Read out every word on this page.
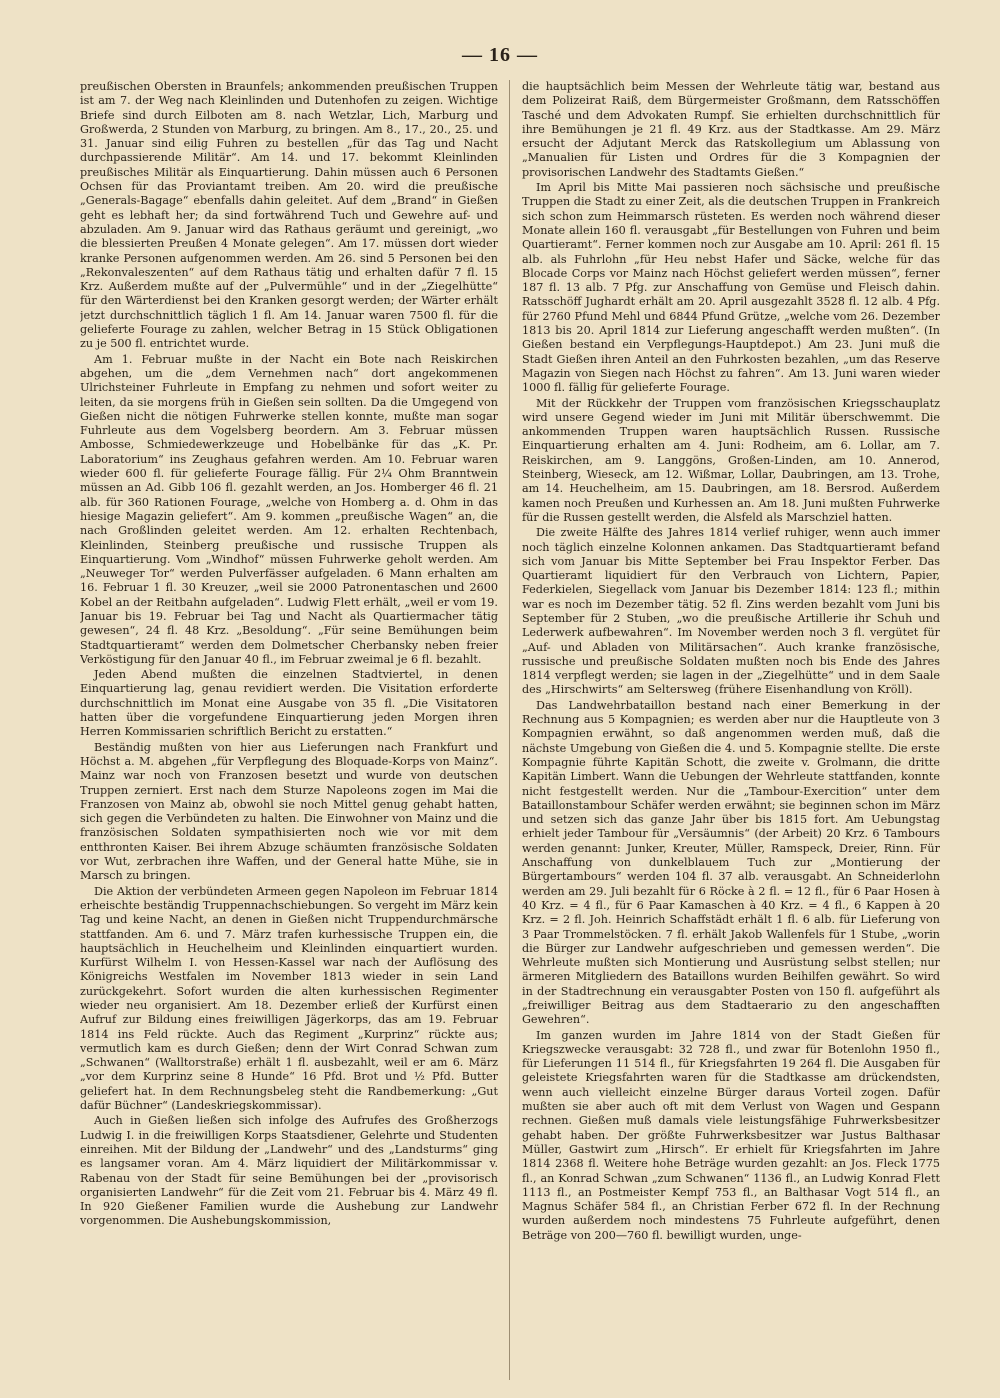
— 16 —

preußischen Obersten in Braunfels; ankommenden preußischen Truppen ist am 7. der Weg nach Kleinlinden und Dutenhofen zu zeigen. Wichtige Briefe sind durch Eilboten am 8. nach Wetzlar, Lich, Marburg und Großwerda, 2 Stunden von Marburg, zu bringen. Am 8., 17., 20., 25. und 31. Januar sind eilig Fuhren zu bestellen „für das Tag und Nacht durchpassierende Militär“. Am 14. und 17. bekommt Kleinlinden preußisches Militär als Einquartierung. Dahin müssen auch 6 Personen Ochsen für das Proviantamt treiben. Am 20. wird die preußische „Generals-Bagage“ ebenfalls dahin geleitet. Auf dem „Brand“ in Gießen geht es lebhaft her; da sind fortwährend Tuch und Gewehre auf- und abzuladen. Am 9. Januar wird das Rathaus geräumt und gereinigt, „wo die blessierten Preußen 4 Monate gelegen“. Am 17. müssen dort wieder kranke Personen aufgenommen werden. Am 26. sind 5 Personen bei den „Rekonvaleszenten“ auf dem Rathaus tätig und erhalten dafür 7 fl. 15 Krz. Außerdem mußte auf der „Pulvermühle“ und in der „Ziegelhütte“ für den Wärterdienst bei den Kranken gesorgt werden; der Wärter erhält jetzt durchschnittlich täglich 1 fl. Am 14. Januar waren 7500 fl. für die gelieferte Fourage zu zahlen, welcher Betrag in 15 Stück Obligationen zu je 500 fl. entrichtet wurde.

Am 1. Februar mußte in der Nacht ein Bote nach Reiskirchen abgehen, um die „dem Vernehmen nach“ dort angekommenen Ulrichsteiner Fuhrleute in Empfang zu nehmen und sofort weiter zu leiten, da sie morgens früh in Gießen sein sollten. Da die Umgegend von Gießen nicht die nötigen Fuhrwerke stellen konnte, mußte man sogar Fuhrleute aus dem Vogelsberg beordern. Am 3. Februar müssen Ambosse, Schmiedewerkzeuge und Hobelbänke für das „K. Pr. Laboratorium“ ins Zeughaus gefahren werden. Am 10. Februar waren wieder 600 fl. für gelieferte Fourage fällig. Für 2¼ Ohm Branntwein müssen an Ad. Gibb 106 fl. gezahlt werden, an Jos. Homberger 46 fl. 21 alb. für 360 Rationen Fourage, „welche von Homberg a. d. Ohm in das hiesige Magazin geliefert“. Am 9. kommen „preußische Wagen“ an, die nach Großlinden geleitet werden. Am 12. erhalten Rechtenbach, Kleinlinden, Steinberg preußische und russische Truppen als Einquartierung. Vom „Windhof“ müssen Fuhrwerke geholt werden. Am „Neuweger Tor“ werden Pulverfässer aufgeladen. 6 Mann erhalten am 16. Februar 1 fl. 30 Kreuzer, „weil sie 2000 Patronentaschen und 2600 Kobel an der Reitbahn aufgeladen“. Ludwig Flett erhält, „weil er vom 19. Januar bis 19. Februar bei Tag und Nacht als Quartiermacher tätig gewesen“, 24 fl. 48 Krz. „Besoldung“. „Für seine Bemühungen beim Stadtquartieramt“ werden dem Dolmetscher Cherbansky neben freier Verköstigung für den Januar 40 fl., im Februar zweimal je 6 fl. bezahlt.

Jeden Abend mußten die einzelnen Stadtviertel, in denen Einquartierung lag, genau revidiert werden. Die Visitation erforderte durchschnittlich im Monat eine Ausgabe von 35 fl. „Die Visitatoren hatten über die vorgefundene Einquartierung jeden Morgen ihren Herren Kommissarien schriftlich Bericht zu erstatten.“

Beständig mußten von hier aus Lieferungen nach Frankfurt und Höchst a. M. abgehen „für Verpflegung des Bloquade-Korps von Mainz“. Mainz war noch von Franzosen besetzt und wurde von deutschen Truppen zerniert. Erst nach dem Sturze Napoleons zogen im Mai die Franzosen von Mainz ab, obwohl sie noch Mittel genug gehabt hatten, sich gegen die Verbündeten zu halten. Die Einwohner von Mainz und die französischen Soldaten sympathisierten noch wie vor mit dem entthronten Kaiser. Bei ihrem Abzuge schäumten französische Soldaten vor Wut, zerbrachen ihre Waffen, und der General hatte Mühe, sie in Marsch zu bringen.

Die Aktion der verbündeten Armeen gegen Napoleon im Februar 1814 erheischte beständig Truppennachschiebungen. So vergeht im März kein Tag und keine Nacht, an denen in Gießen nicht Truppendurchmärsche stattfanden. Am 6. und 7. März trafen kurhessische Truppen ein, die hauptsächlich in Heuchelheim und Kleinlinden einquartiert wurden. Kurfürst Wilhelm I. von Hessen-Kassel war nach der Auflösung des Königreichs Westfalen im November 1813 wieder in sein Land zurückgekehrt. Sofort wurden die alten kurhessischen Regimenter wieder neu organisiert. Am 18. Dezember erließ der Kurfürst einen Aufruf zur Bildung eines freiwilligen Jägerkorps, das am 19. Februar 1814 ins Feld rückte. Auch das Regiment „Kurprinz“ rückte aus; vermutlich kam es durch Gießen; denn der Wirt Conrad Schwan zum „Schwanen“ (Walltorstraße) erhält 1 fl. ausbezahlt, weil er am 6. März „vor dem Kurprinz seine 8 Hunde“ 16 Pfd. Brot und ½ Pfd. Butter geliefert hat. In dem Rechnungsbeleg steht die Randbemerkung: „Gut dafür Büchner“ (Landeskriegskommissar).

Auch in Gießen ließen sich infolge des Aufrufes des Großherzogs Ludwig I. in die freiwilligen Korps Staatsdiener, Gelehrte und Studenten einreihen. Mit der Bildung der „Landwehr“ und des „Landsturms“ ging es langsamer voran. Am 4. März liquidiert der Militärkommissar v. Rabenau von der Stadt für seine Bemühungen bei der „provisorisch organisierten Landwehr“ für die Zeit vom 21. Februar bis 4. März 49 fl. In 920 Gießener Familien wurde die Aushebung zur Landwehr vorgenommen. Die Aushebungskommission,

die hauptsächlich beim Messen der Wehrleute tätig war, bestand aus dem Polizeirat Raiß, dem Bürgermeister Großmann, dem Ratsschöffen Tasché und dem Advokaten Rumpf. Sie erhielten durchschnittlich für ihre Bemühungen je 21 fl. 49 Krz. aus der Stadtkasse. Am 29. März ersucht der Adjutant Merck das Ratskollegium um Ablassung von „Manualien für Listen und Ordres für die 3 Kompagnien der provisorischen Landwehr des Stadtamts Gießen.“

Im April bis Mitte Mai passieren noch sächsische und preußische Truppen die Stadt zu einer Zeit, als die deutschen Truppen in Frankreich sich schon zum Heimmarsch rüsteten. Es werden noch während dieser Monate allein 160 fl. verausgabt „für Bestellungen von Fuhren und beim Quartieramt“. Ferner kommen noch zur Ausgabe am 10. April: 261 fl. 15 alb. als Fuhrlohn „für Heu nebst Hafer und Säcke, welche für das Blocade Corps vor Mainz nach Höchst geliefert werden müssen“, ferner 187 fl. 13 alb. 7 Pfg. zur Anschaffung von Gemüse und Fleisch dahin. Ratsschöff Jughardt erhält am 20. April ausgezahlt 3528 fl. 12 alb. 4 Pfg. für 2760 Pfund Mehl und 6844 Pfund Grütze, „welche vom 26. Dezember 1813 bis 20. April 1814 zur Lieferung angeschafft werden mußten“. (In Gießen bestand ein Verpflegungs-Hauptdepot.) Am 23. Juni muß die Stadt Gießen ihren Anteil an den Fuhrkosten bezahlen, „um das Reserve Magazin von Siegen nach Höchst zu fahren“. Am 13. Juni waren wieder 1000 fl. fällig für gelieferte Fourage.

Mit der Rückkehr der Truppen vom französischen Kriegsschauplatz wird unsere Gegend wieder im Juni mit Militär überschwemmt. Die ankommenden Truppen waren hauptsächlich Russen. Russische Einquartierung erhalten am 4. Juni: Rodheim, am 6. Lollar, am 7. Reiskirchen, am 9. Langgöns, Großen-Linden, am 10. Annerod, Steinberg, Wieseck, am 12. Wißmar, Lollar, Daubringen, am 13. Trohe, am 14. Heuchelheim, am 15. Daubringen, am 18. Bersrod. Außerdem kamen noch Preußen und Kurhessen an. Am 18. Juni mußten Fuhrwerke für die Russen gestellt werden, die Alsfeld als Marschziel hatten.

Die zweite Hälfte des Jahres 1814 verlief ruhiger, wenn auch immer noch täglich einzelne Kolonnen ankamen. Das Stadtquartieramt befand sich vom Januar bis Mitte September bei Frau Inspektor Ferber. Das Quartieramt liquidiert für den Verbrauch von Lichtern, Papier, Federkielen, Siegellack vom Januar bis Dezember 1814: 123 fl.; mithin war es noch im Dezember tätig. 52 fl. Zins werden bezahlt vom Juni bis September für 2 Stuben, „wo die preußische Artillerie ihr Schuh und Lederwerk aufbewahren“. Im November werden noch 3 fl. vergütet für „Auf- und Abladen von Militärsachen“. Auch kranke französische, russische und preußische Soldaten mußten noch bis Ende des Jahres 1814 verpflegt werden; sie lagen in der „Ziegelhütte“ und in dem Saale des „Hirschwirts“ am Seltersweg (frühere Eisenhandlung von Kröll).

Das Landwehrbataillon bestand nach einer Bemerkung in der Rechnung aus 5 Kompagnien; es werden aber nur die Hauptleute von 3 Kompagnien erwähnt, so daß angenommen werden muß, daß die nächste Umgebung von Gießen die 4. und 5. Kompagnie stellte. Die erste Kompagnie führte Kapitän Schott, die zweite v. Grolmann, die dritte Kapitän Limbert. Wann die Uebungen der Wehrleute stattfanden, konnte nicht festgestellt werden. Nur die „Tambour-Exercition“ unter dem Bataillonstambour Schäfer werden erwähnt; sie beginnen schon im März und setzen sich das ganze Jahr über bis 1815 fort. Am Uebungstag erhielt jeder Tambour für „Versäumnis“ (der Arbeit) 20 Krz. 6 Tambours werden genannt: Junker, Kreuter, Müller, Ramspeck, Dreier, Rinn. Für Anschaffung von dunkelblauem Tuch zur „Montierung der Bürgertambours“ werden 104 fl. 37 alb. verausgabt. An Schneiderlohn werden am 29. Juli bezahlt für 6 Röcke à 2 fl. = 12 fl., für 6 Paar Hosen à 40 Krz. = 4 fl., für 6 Paar Kamaschen à 40 Krz. = 4 fl., 6 Kappen à 20 Krz. = 2 fl. Joh. Heinrich Schaffstädt erhält 1 fl. 6 alb. für Lieferung von 3 Paar Trommelstöcken. 7 fl. erhält Jakob Wallenfels für 1 Stube, „worin die Bürger zur Landwehr aufgeschrieben und gemessen werden“. Die Wehrleute mußten sich Montierung und Ausrüstung selbst stellen; nur ärmeren Mitgliedern des Bataillons wurden Beihilfen gewährt. So wird in der Stadtrechnung ein verausgabter Posten von 150 fl. aufgeführt als „freiwilliger Beitrag aus dem Stadtaerario zu den angeschafften Gewehren“.

Im ganzen wurden im Jahre 1814 von der Stadt Gießen für Kriegszwecke verausgabt: 32 728 fl., und zwar für Botenlohn 1950 fl., für Lieferungen 11 514 fl., für Kriegsfahrten 19 264 fl. Die Ausgaben für geleistete Kriegsfahrten waren für die Stadtkasse am drückendsten, wenn auch vielleicht einzelne Bürger daraus Vorteil zogen. Dafür mußten sie aber auch oft mit dem Verlust von Wagen und Gespann rechnen. Gießen muß damals viele leistungsfähige Fuhrwerksbesitzer gehabt haben. Der größte Fuhrwerksbesitzer war Justus Balthasar Müller, Gastwirt zum „Hirsch“. Er erhielt für Kriegsfahrten im Jahre 1814 2368 fl. Weitere hohe Beträge wurden gezahlt: an Jos. Fleck 1775 fl., an Konrad Schwan „zum Schwanen“ 1136 fl., an Ludwig Konrad Flett 1113 fl., an Postmeister Kempf 753 fl., an Balthasar Vogt 514 fl., an Magnus Schäfer 584 fl., an Christian Ferber 672 fl. In der Rechnung wurden außerdem noch mindestens 75 Fuhrleute aufgeführt, denen Beträge von 200—760 fl. bewilligt wurden, unge-
